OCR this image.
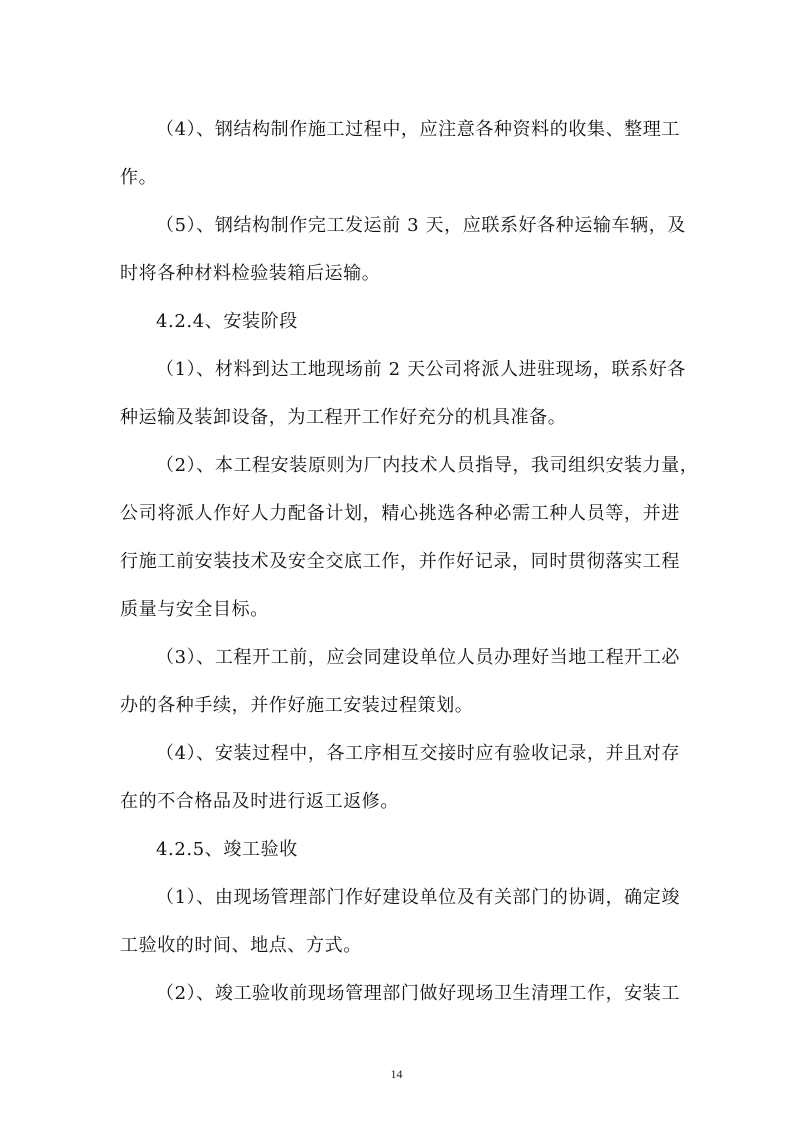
（4）、钢结构制作施工过程中，应注意各种资料的收集、整理工
作。
（5）、钢结构制作完工发运前 3 天，应联系好各种运输车辆，及
时将各种材料检验装箱后运输。
4.2.4、安装阶段
（1）、材料到达工地现场前 2 天公司将派人进驻现场，联系好各
种运输及装卸设备，为工程开工作好充分的机具准备。
（2）、本工程安装原则为厂内技术人员指导，我司组织安装力量，
公司将派人作好人力配备计划，精心挑选各种必需工种人员等，并进
行施工前安装技术及安全交底工作，并作好记录，同时贯彻落实工程
质量与安全目标。
（3）、工程开工前，应会同建设单位人员办理好当地工程开工必
办的各种手续，并作好施工安装过程策划。
（4）、安装过程中，各工序相互交接时应有验收记录，并且对存
在的不合格品及时进行返工返修。
4.2.5、竣工验收
（1）、由现场管理部门作好建设单位及有关部门的协调，确定竣
工验收的时间、地点、方式。
（2）、竣工验收前现场管理部门做好现场卫生清理工作，安装工
14
